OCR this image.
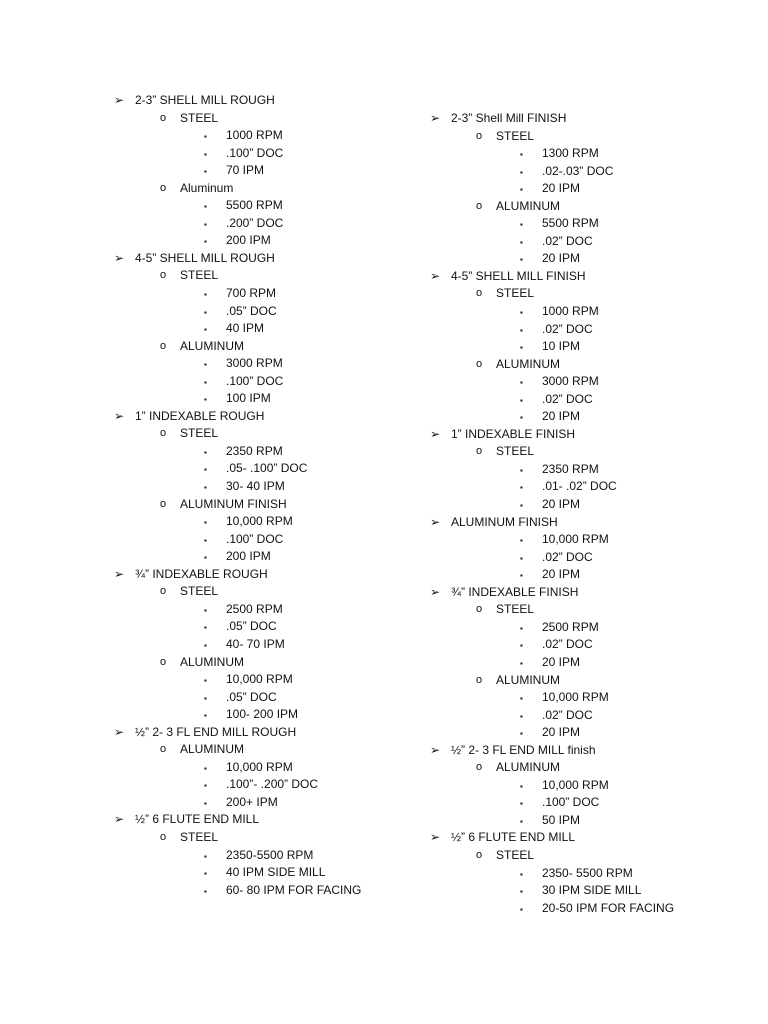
➢ 2-3” SHELL MILL ROUGH
o STEEL
▪ 1000 RPM
▪ .100” DOC
▪ 70 IPM
o Aluminum
▪ 5500 RPM
▪ .200” DOC
▪ 200 IPM
➢ 4-5” SHELL MILL ROUGH
o STEEL
▪ 700 RPM
▪ .05” DOC
▪ 40 IPM
o ALUMINUM
▪ 3000 RPM
▪ .100” DOC
▪ 100 IPM
➢ 1” INDEXABLE ROUGH
o STEEL
▪ 2350 RPM
▪ .05- .100” DOC
▪ 30- 40 IPM
o ALUMINUM FINISH
▪ 10,000 RPM
▪ .100” DOC
▪ 200 IPM
➢ ¾” INDEXABLE ROUGH
o STEEL
▪ 2500 RPM
▪ .05” DOC
▪ 40- 70 IPM
o ALUMINUM
▪ 10,000 RPM
▪ .05” DOC
▪ 100- 200 IPM
➢ ½” 2- 3 FL END MILL ROUGH
o ALUMINUM
▪ 10,000 RPM
▪ .100”- .200” DOC
▪ 200+ IPM
➢ ½” 6 FLUTE END MILL
o STEEL
▪ 2350-5500 RPM
▪ 40 IPM SIDE MILL
▪ 60- 80 IPM FOR FACING
➢ 2-3” Shell Mill FINISH
o STEEL
▪ 1300 RPM
▪ .02-.03” DOC
▪ 20 IPM
o ALUMINUM
▪ 5500 RPM
▪ .02” DOC
▪ 20 IPM
➢ 4-5” SHELL MILL FINISH
o STEEL
▪ 1000 RPM
▪ .02” DOC
▪ 10 IPM
o ALUMINUM
▪ 3000 RPM
▪ .02” DOC
▪ 20 IPM
➢ 1” INDEXABLE FINISH
o STEEL
▪ 2350 RPM
▪ .01- .02” DOC
▪ 20 IPM
➢ ALUMINUM FINISH
▪ 10,000 RPM
▪ .02” DOC
▪ 20 IPM
➢ ¾” INDEXABLE FINISH
o STEEL
▪ 2500 RPM
▪ .02” DOC
▪ 20 IPM
o ALUMINUM
▪ 10,000 RPM
▪ .02” DOC
▪ 20 IPM
➢ ½” 2- 3 FL END MILL finish
o ALUMINUM
▪ 10,000 RPM
▪ .100” DOC
▪ 50 IPM
➢ ½” 6 FLUTE END MILL
o STEEL
▪ 2350- 5500 RPM
▪ 30 IPM SIDE MILL
▪ 20-50 IPM FOR FACING
